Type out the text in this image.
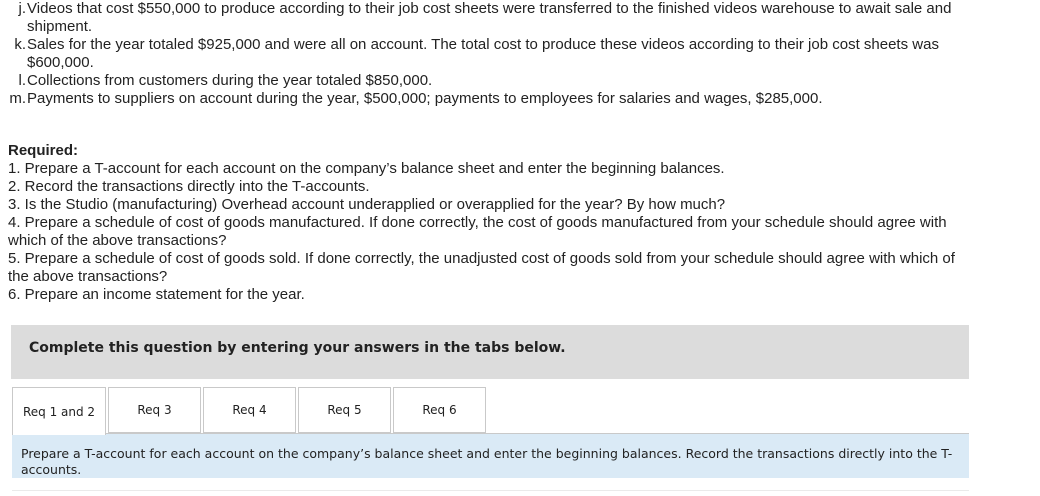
j. Videos that cost $550,000 to produce according to their job cost sheets were transferred to the finished videos warehouse to await sale and shipment.
k. Sales for the year totaled $925,000 and were all on account. The total cost to produce these videos according to their job cost sheets was $600,000.
l. Collections from customers during the year totaled $850,000.
m. Payments to suppliers on account during the year, $500,000; payments to employees for salaries and wages, $285,000.
Required:
1. Prepare a T-account for each account on the company’s balance sheet and enter the beginning balances.
2. Record the transactions directly into the T-accounts.
3. Is the Studio (manufacturing) Overhead account underapplied or overapplied for the year? By how much?
4. Prepare a schedule of cost of goods manufactured. If done correctly, the cost of goods manufactured from your schedule should agree with which of the above transactions?
5. Prepare a schedule of cost of goods sold. If done correctly, the unadjusted cost of goods sold from your schedule should agree with which of the above transactions?
6. Prepare an income statement for the year.
Complete this question by entering your answers in the tabs below.
Req 1 and 2	Req 3	Req 4	Req 5	Req 6
Prepare a T-account for each account on the company’s balance sheet and enter the beginning balances. Record the transactions directly into the T-accounts.
